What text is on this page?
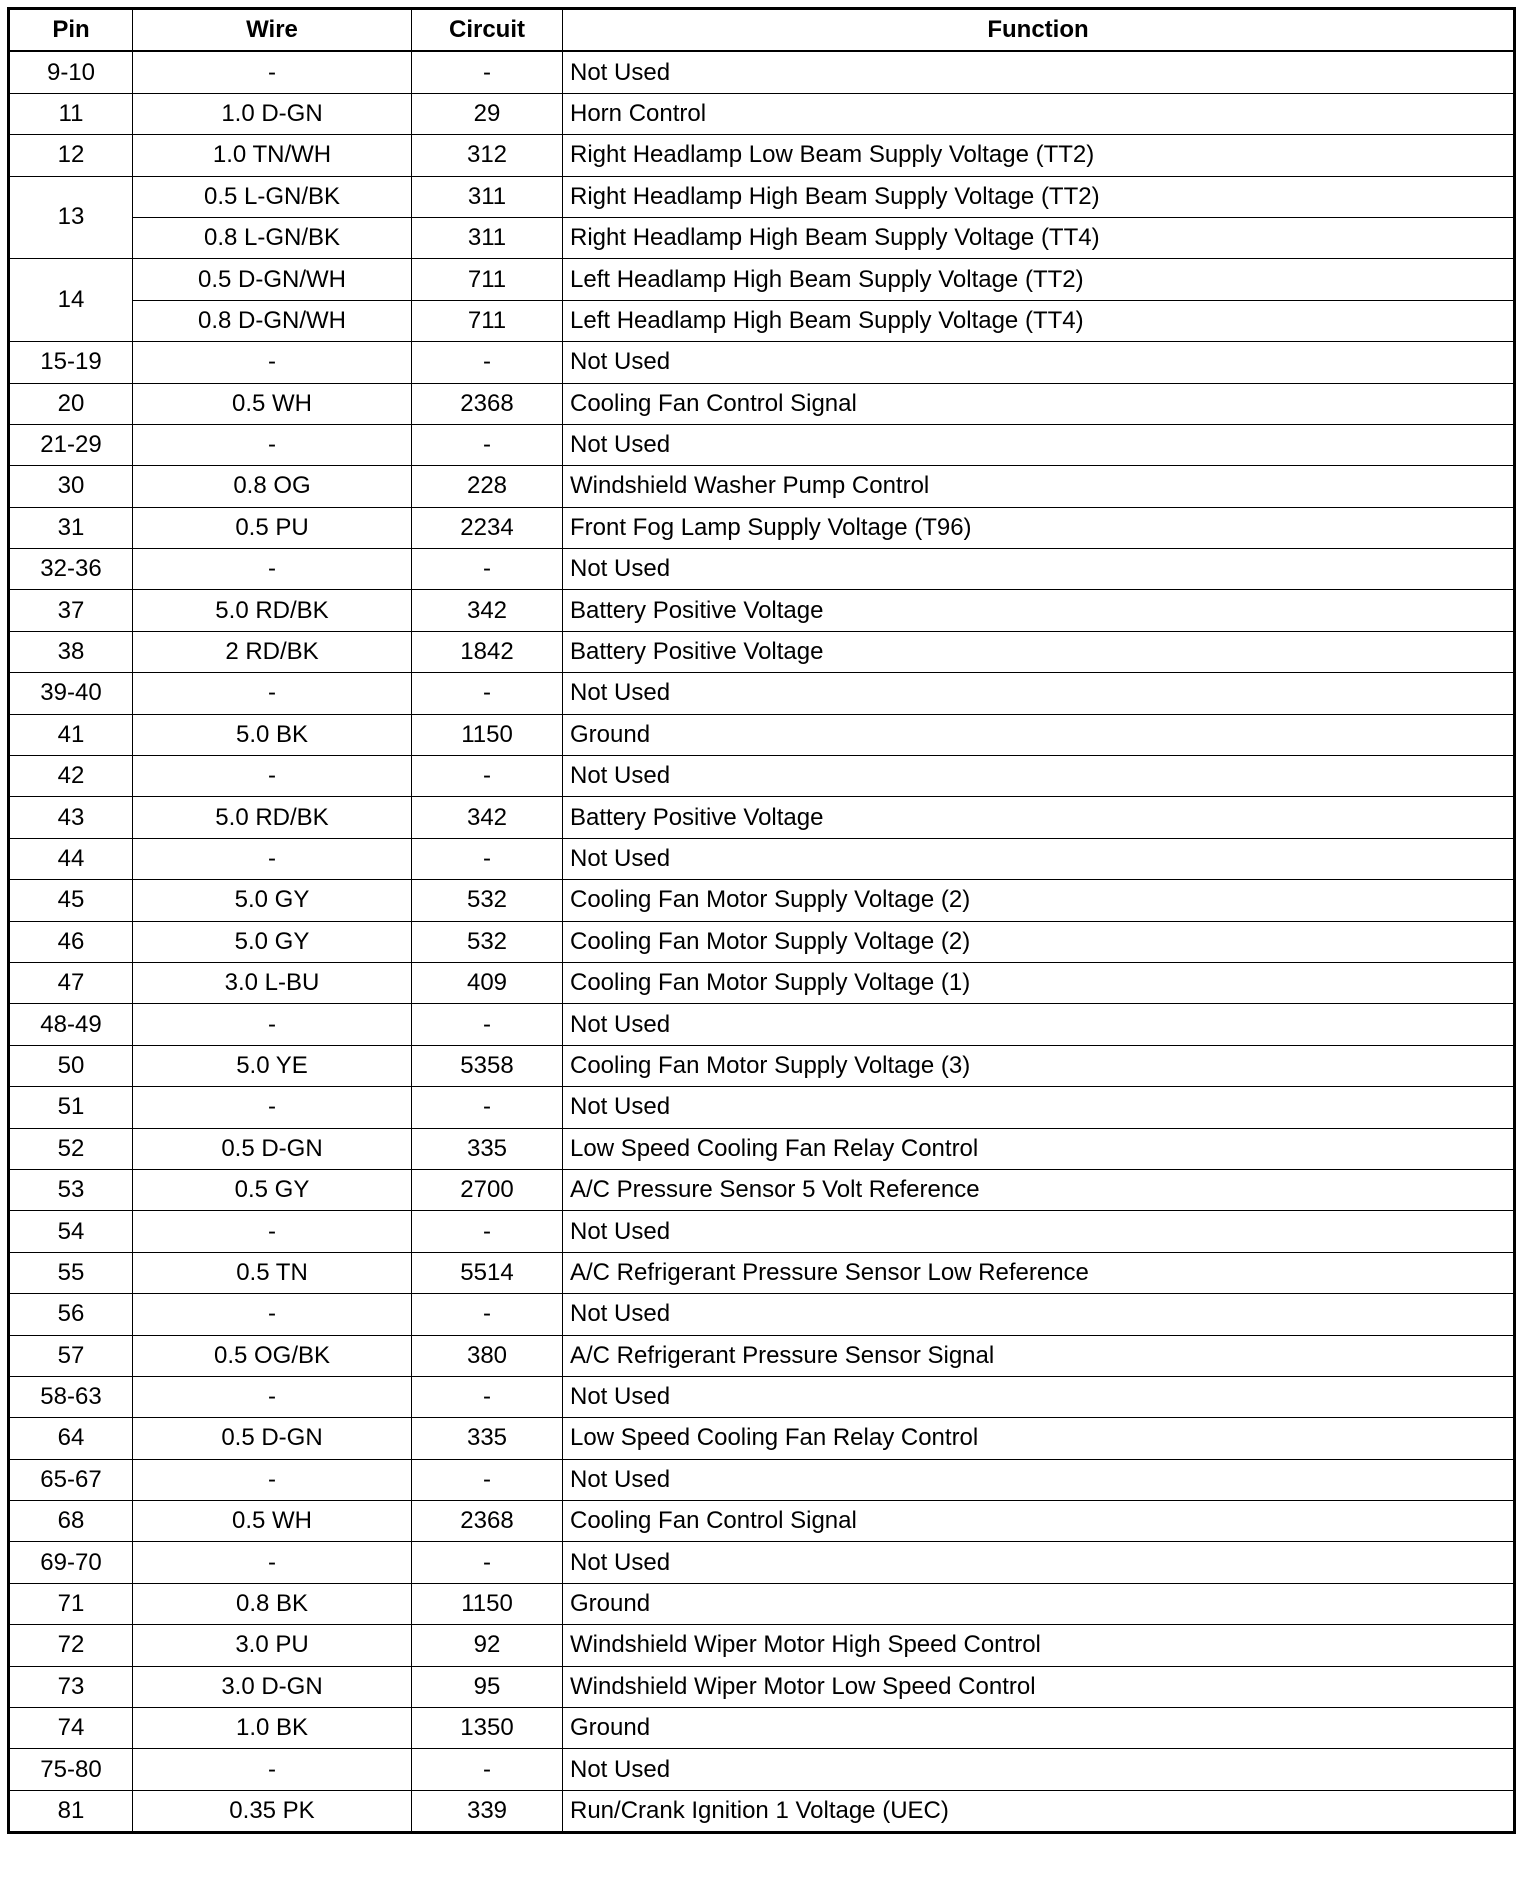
Pin	Wire	Circuit	Function
9-10	-	-	Not Used
11	1.0 D-GN	29	Horn Control
12	1.0 TN/WH	312	Right Headlamp Low Beam Supply Voltage (TT2)
13	0.5 L-GN/BK	311	Right Headlamp High Beam Supply Voltage (TT2)
	0.8 L-GN/BK	311	Right Headlamp High Beam Supply Voltage (TT4)
14	0.5 D-GN/WH	711	Left Headlamp High Beam Supply Voltage (TT2)
	0.8 D-GN/WH	711	Left Headlamp High Beam Supply Voltage (TT4)
15-19	-	-	Not Used
20	0.5 WH	2368	Cooling Fan Control Signal
21-29	-	-	Not Used
30	0.8 OG	228	Windshield Washer Pump Control
31	0.5 PU	2234	Front Fog Lamp Supply Voltage (T96)
32-36	-	-	Not Used
37	5.0 RD/BK	342	Battery Positive Voltage
38	2 RD/BK	1842	Battery Positive Voltage
39-40	-	-	Not Used
41	5.0 BK	1150	Ground
42	-	-	Not Used
43	5.0 RD/BK	342	Battery Positive Voltage
44	-	-	Not Used
45	5.0 GY	532	Cooling Fan Motor Supply Voltage (2)
46	5.0 GY	532	Cooling Fan Motor Supply Voltage (2)
47	3.0 L-BU	409	Cooling Fan Motor Supply Voltage (1)
48-49	-	-	Not Used
50	5.0 YE	5358	Cooling Fan Motor Supply Voltage (3)
51	-	-	Not Used
52	0.5 D-GN	335	Low Speed Cooling Fan Relay Control
53	0.5 GY	2700	A/C Pressure Sensor 5 Volt Reference
54	-	-	Not Used
55	0.5 TN	5514	A/C Refrigerant Pressure Sensor Low Reference
56	-	-	Not Used
57	0.5 OG/BK	380	A/C Refrigerant Pressure Sensor Signal
58-63	-	-	Not Used
64	0.5 D-GN	335	Low Speed Cooling Fan Relay Control
65-67	-	-	Not Used
68	0.5 WH	2368	Cooling Fan Control Signal
69-70	-	-	Not Used
71	0.8 BK	1150	Ground
72	3.0 PU	92	Windshield Wiper Motor High Speed Control
73	3.0 D-GN	95	Windshield Wiper Motor Low Speed Control
74	1.0 BK	1350	Ground
75-80	-	-	Not Used
81	0.35 PK	339	Run/Crank Ignition 1 Voltage (UEC)
